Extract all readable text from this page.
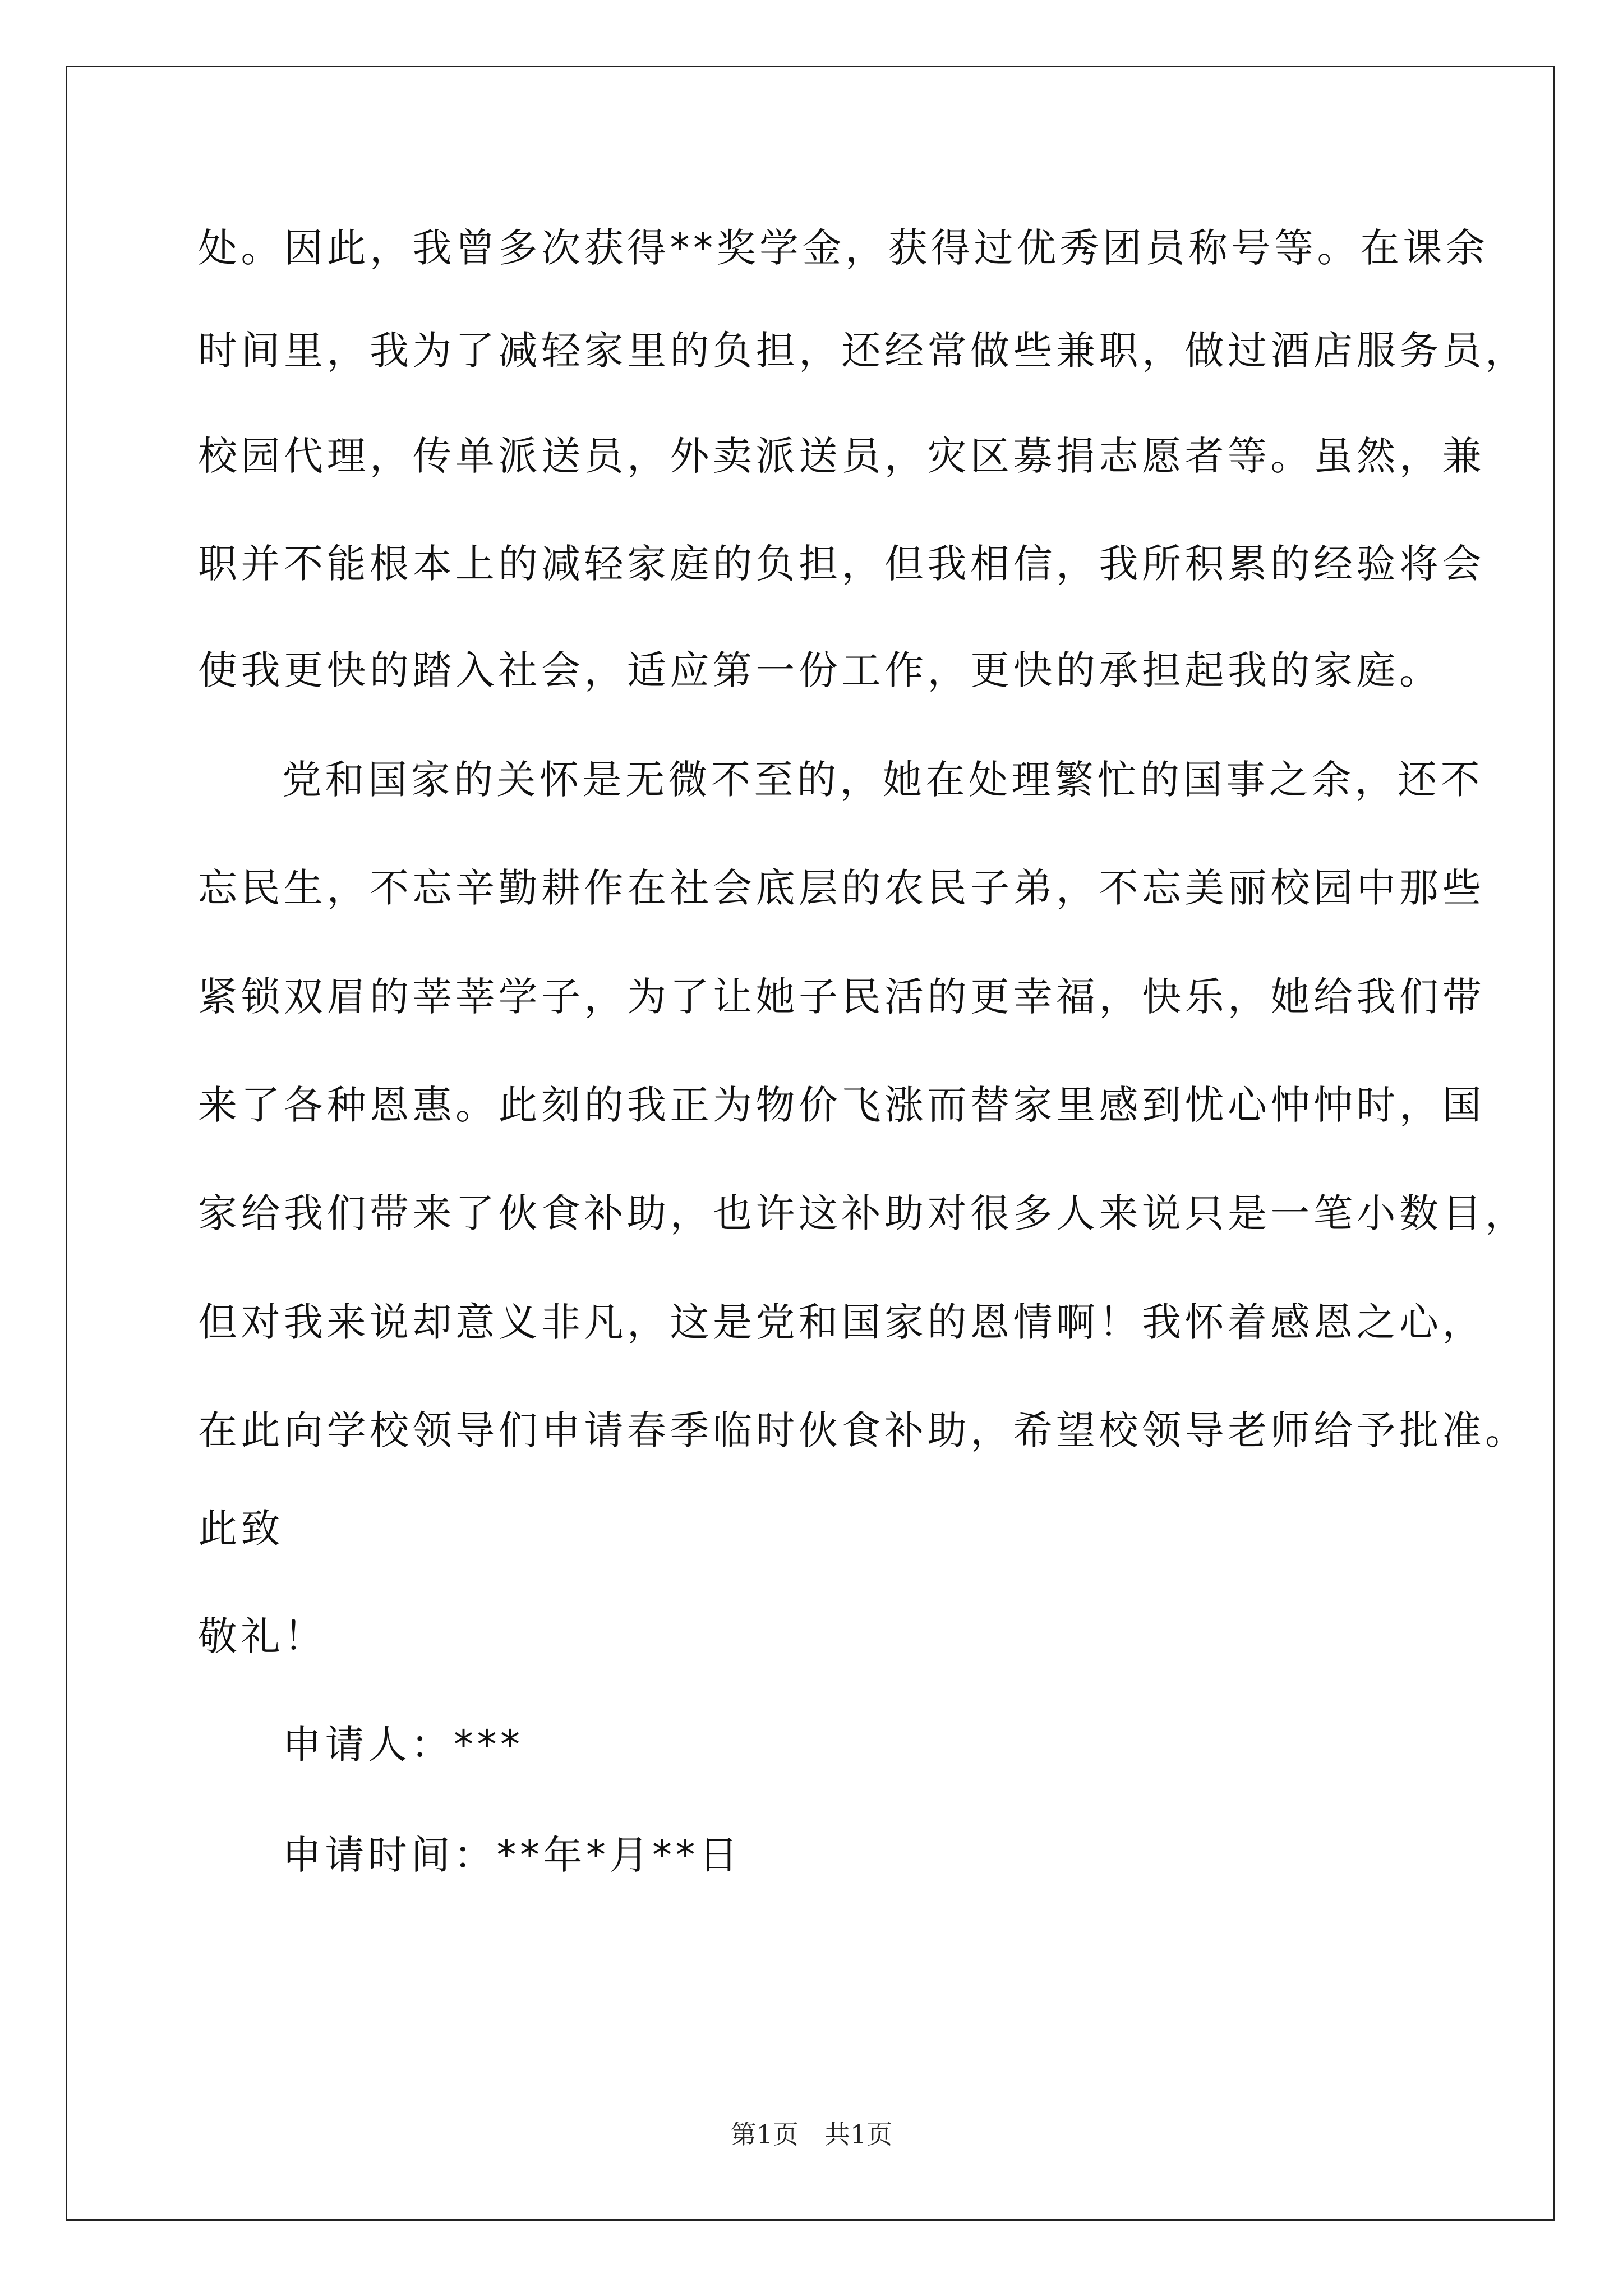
处。因此，我曾多次获得**奖学金，获得过优秀团员称号等。在课余
时间里，我为了减轻家里的负担，还经常做些兼职，做过酒店服务员，
校园代理，传单派送员，外卖派送员，灾区募捐志愿者等。虽然，兼
职并不能根本上的减轻家庭的负担，但我相信，我所积累的经验将会
使我更快的踏入社会，适应第一份工作，更快的承担起我的家庭。
党和国家的关怀是无微不至的，她在处理繁忙的国事之余，还不
忘民生，不忘辛勤耕作在社会底层的农民子弟，不忘美丽校园中那些
紧锁双眉的莘莘学子，为了让她子民活的更幸福，快乐，她给我们带
来了各种恩惠。此刻的我正为物价飞涨而替家里感到忧心忡忡时，国
家给我们带来了伙食补助，也许这补助对很多人来说只是一笔小数目，
但对我来说却意义非凡，这是党和国家的恩情啊！我怀着感恩之心，
在此向学校领导们申请春季临时伙食补助，希望校领导老师给予批准。
此致
敬礼！
申请人：***
申请时间：**年*月**日
第1页　共1页
